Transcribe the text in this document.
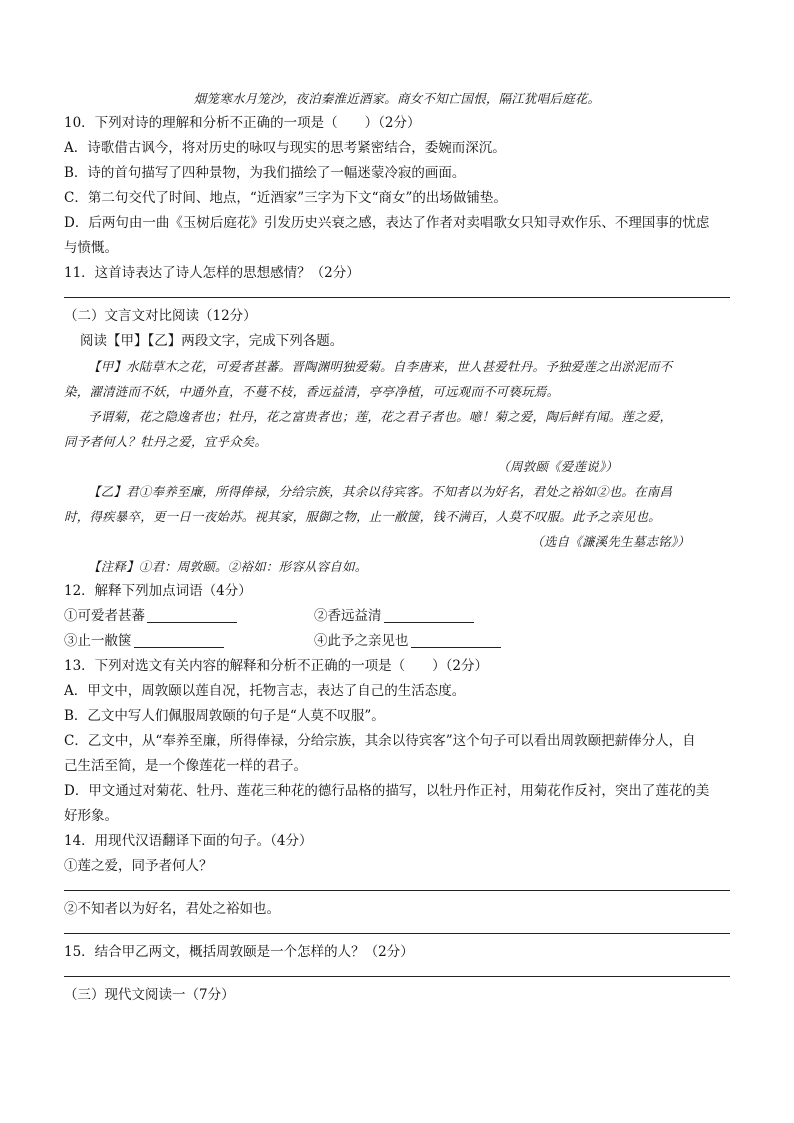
烟笼寒水月笼沙，夜泊秦淮近酒家。商女不知亡国恨，隔江犹唱后庭花。
10．下列对诗的理解和分析不正确的一项是（　　）（2分）
A．诗歌借古讽今，将对历史的咏叹与现实的思考紧密结合，委婉而深沉。
B．诗的首句描写了四种景物，为我们描绘了一幅迷蒙冷寂的画面。
C．第二句交代了时间、地点，“近酒家”三字为下文“商女”的出场做铺垫。
D．后两句由一曲《玉树后庭花》引发历史兴衰之感，表达了作者对卖唱歌女只知寻欢作乐、不理国事的忧虑
与愤慨。
11．这首诗表达了诗人怎样的思想感情？（2分）
（二）文言文对比阅读（12分）
阅读【甲】【乙】两段文字，完成下列各题。
【甲】水陆草木之花，可爱者甚蕃。晋陶渊明独爱菊。自李唐来，世人甚爱牡丹。予独爱莲之出淤泥而不
染，濯清涟而不妖，中通外直，不蔓不枝，香远益清，亭亭净植，可远观而不可亵玩焉。
予谓菊，花之隐逸者也；牡丹，花之富贵者也；莲，花之君子者也。噫！菊之爱，陶后鲜有闻。莲之爱，
同予者何人？牡丹之爱，宜乎众矣。
（周敦颐《爱莲说》）
【乙】君①奉养至廉，所得俸禄，分给宗族，其余以待宾客。不知者以为好名，君处之裕如②也。在南昌
时，得疾暴卒，更一日一夜始苏。视其家，服御之物，止一敝箧，钱不满百，人莫不叹服。此予之亲见也。
（选自《濂溪先生墓志铭》）
【注释】①君：周敦颐。②裕如：形容从容自如。
12．解释下列加点词语（4分）
①可爱者甚蕃	②香远益清
③止一敝箧	④此予之亲见也
13．下列对选文有关内容的解释和分析不正确的一项是（　　）（2分）
A．甲文中，周敦颐以莲自况，托物言志，表达了自己的生活态度。
B．乙文中写人们佩服周敦颐的句子是“人莫不叹服”。
C．乙文中，从“奉养至廉，所得俸禄，分给宗族，其余以待宾客”这个句子可以看出周敦颐把薪俸分人，自
己生活至简，是一个像莲花一样的君子。
D．甲文通过对菊花、牡丹、莲花三种花的德行品格的描写，以牡丹作正衬，用菊花作反衬，突出了莲花的美
好形象。
14．用现代汉语翻译下面的句子。（4分）
①莲之爱，同予者何人？
②不知者以为好名，君处之裕如也。
15．结合甲乙两文，概括周敦颐是一个怎样的人？（2分）
（三）现代文阅读一（7分）
